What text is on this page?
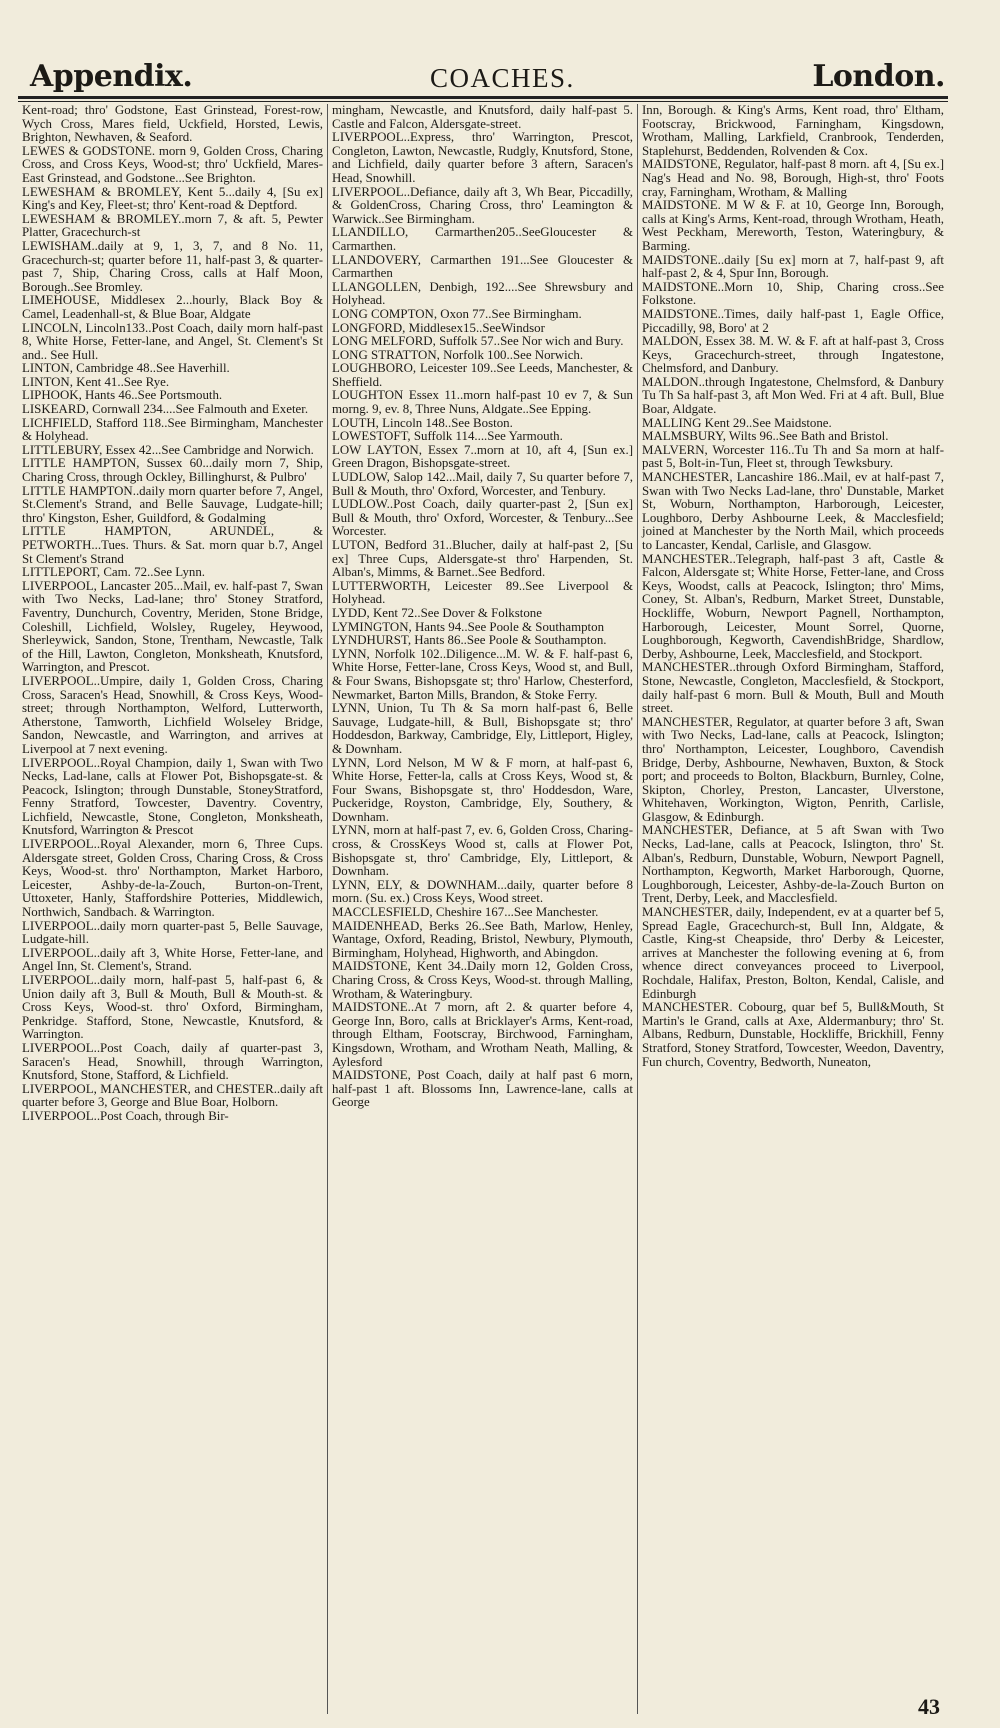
Appendix.	COACHES.	London.

Kent-road; thro' Godstone, East Grinstead, Forest-row, Wych Cross, Mares field, Uckfield, Horsted, Lewis, Brighton, Newhaven, & Seaford.

LEWES & GODSTONE. morn 9, Golden Cross, Charing Cross, and Cross Keys, Wood-st; thro' Uckfield, Mares-East Grinstead, and Godstone...See Brighton.

LEWESHAM & BROMLEY, Kent 5...daily 4, [Su ex] King's and Key, Fleet-st; thro' Kent-road & Deptford.

LEWESHAM & BROMLEY..morn 7, & aft. 5, Pewter Platter, Gracechurch-st

LEWISHAM..daily at 9, 1, 3, 7, and 8 No. 11, Gracechurch-st; quarter before 11, half-past 3, & quarter-past 7, Ship, Charing Cross, calls at Half Moon, Borough..See Bromley.

LIMEHOUSE, Middlesex 2...hourly, Black Boy & Camel, Leadenhall-st, & Blue Boar, Aldgate

LINCOLN, Lincoln133..Post Coach, daily morn half-past 8, White Horse, Fetter-lane, and Angel, St. Clement's St and.. See Hull.

LINTON, Cambridge 48..See Haverhill.

LINTON, Kent 41..See Rye.

LIPHOOK, Hants 46..See Portsmouth.

LISKEARD, Cornwall 234....See Falmouth and Exeter.

LICHFIELD, Stafford 118..See Birmingham, Manchester & Holyhead.

LITTLEBURY, Essex 42...See Cambridge and Norwich.

LITTLE HAMPTON, Sussex 60...daily morn 7, Ship, Charing Cross, through Ockley, Billinghurst, & Pulbro'

LITTLE HAMPTON..daily morn quarter before 7, Angel, St.Clement's Strand, and Belle Sauvage, Ludgate-hill; thro' Kingston, Esher, Guildford, & Godalming

LITTLE HAMPTON, ARUNDEL, & PETWORTH...Tues. Thurs. & Sat. morn quar b.7, Angel St Clement's Strand

LITTLEPORT, Cam. 72..See Lynn.

LIVERPOOL, Lancaster 205...Mail, ev. half-past 7, Swan with Two Necks, Lad-lane; thro' Stoney Stratford, Faventry, Dunchurch, Coventry, Meriden, Stone Bridge, Coleshill, Lichfield, Wolsley, Rugeley, Heywood, Sherleywick, Sandon, Stone, Trentham, Newcastle, Talk of the Hill, Lawton, Congleton, Monksheath, Knutsford, Warrington, and Prescot.

LIVERPOOL..Umpire, daily 1, Golden Cross, Charing Cross, Saracen's Head, Snowhill, & Cross Keys, Wood-street; through Northampton, Welford, Lutterworth, Atherstone, Tamworth, Lichfield Wolseley Bridge, Sandon, Newcastle, and Warrington, and arrives at Liverpool at 7 next evening.

LIVERPOOL..Royal Champion, daily 1, Swan with Two Necks, Lad-lane, calls at Flower Pot, Bishopsgate-st. & Peacock, Islington; through Dunstable, StoneyStratford, Fenny Stratford, Towcester, Daventry. Coventry, Lichfield, Newcastle, Stone, Congleton, Monksheath, Knutsford, Warrington & Prescot

LIVERPOOL..Royal Alexander, morn 6, Three Cups. Aldersgate street, Golden Cross, Charing Cross, & Cross Keys, Wood-st. thro' Northampton, Market Harboro, Leicester, Ashby-de-la-Zouch, Burton-on-Trent, Uttoxeter, Hanly, Staffordshire Potteries, Middlewich, Northwich, Sandbach. & Warrington.

LIVERPOOL..daily morn quarter-past 5, Belle Sauvage, Ludgate-hill.

LIVERPOOL..daily aft 3, White Horse, Fetter-lane, and Angel Inn, St. Clement's, Strand.

LIVERPOOL..daily morn, half-past 5, half-past 6, & Union daily aft 3, Bull & Mouth, Bull & Mouth-st. & Cross Keys, Wood-st. thro' Oxford, Birmingham, Penkridge. Stafford, Stone, Newcastle, Knutsford, & Warrington.

LIVERPOOL..Post Coach, daily af quarter-past 3, Saracen's Head, Snowhill, through Warrington, Knutsford, Stone, Stafford, & Lichfield.

LIVERPOOL, MANCHESTER, and CHESTER..daily aft quarter before 3, George and Blue Boar, Holborn.

LIVERPOOL..Post Coach, through Bir-

mingham, Newcastle, and Knutsford, daily half-past 5. Castle and Falcon, Aldersgate-street.

LIVERPOOL..Express, thro' Warrington, Prescot, Congleton, Lawton, Newcastle, Rudgly, Knutsford, Stone, and Lichfield, daily quarter before 3 aftern, Saracen's Head, Snowhill.

LIVERPOOL..Defiance, daily aft 3, Wh Bear, Piccadilly, & GoldenCross, Charing Cross, thro' Leamington & Warwick..See Birmingham.

LLANDILLO, Carmarthen205..SeeGloucester & Carmarthen.

LLANDOVERY, Carmarthen 191...See Gloucester & Carmarthen

LLANGOLLEN, Denbigh, 192....See Shrewsbury and Holyhead.

LONG COMPTON, Oxon 77..See Birmingham.

LONGFORD, Middlesex15..SeeWindsor

LONG MELFORD, Suffolk 57..See Nor wich and Bury.

LONG STRATTON, Norfolk 100..See Norwich.

LOUGHBORO, Leicester 109..See Leeds, Manchester, & Sheffield.

LOUGHTON Essex 11..morn half-past 10 ev 7, & Sun morng. 9, ev. 8, Three Nuns, Aldgate..See Epping.

LOUTH, Lincoln 148..See Boston.

LOWESTOFT, Suffolk 114....See Yarmouth.

LOW LAYTON, Essex 7..morn at 10, aft 4, [Sun ex.] Green Dragon, Bishopsgate-street.

LUDLOW, Salop 142...Mail, daily 7, Su quarter before 7, Bull & Mouth, thro' Oxford, Worcester, and Tenbury.

LUDLOW..Post Coach, daily quarter-past 2, [Sun ex] Bull & Mouth, thro' Oxford, Worcester, & Tenbury...See Worcester.

LUTON, Bedford 31..Blucher, daily at half-past 2, [Su ex] Three Cups, Aldersgate-st thro' Harpenden, St. Alban's, Mimms, & Barnet..See Bedford.

LUTTERWORTH, Leicester 89..See Liverpool & Holyhead.

LYDD, Kent 72..See Dover & Folkstone

LYMINGTON, Hants 94..See Poole & Southampton

LYNDHURST, Hants 86..See Poole & Southampton.

LYNN, Norfolk 102..Diligence...M. W. & F. half-past 6, White Horse, Fetter-lane, Cross Keys, Wood st, and Bull, & Four Swans, Bishopsgate st; thro' Harlow, Chesterford, Newmarket, Barton Mills, Brandon, & Stoke Ferry.

LYNN, Union, Tu Th & Sa morn half-past 6, Belle Sauvage, Ludgate-hill, & Bull, Bishopsgate st; thro' Hoddesdon, Barkway, Cambridge, Ely, Littleport, Higley, & Downham.

LYNN, Lord Nelson, M W & F morn, at half-past 6, White Horse, Fetter-la, calls at Cross Keys, Wood st, & Four Swans, Bishopsgate st, thro' Hoddesdon, Ware, Puckeridge, Royston, Cambridge, Ely, Southery, & Downham.

LYNN, morn at half-past 7, ev. 6, Golden Cross, Charing-cross, & CrossKeys Wood st, calls at Flower Pot, Bishopsgate st, thro' Cambridge, Ely, Littleport, & Downham.

LYNN, ELY, & DOWNHAM...daily, quarter before 8 morn. (Su. ex.) Cross Keys, Wood street.

MACCLESFIELD, Cheshire 167...See Manchester.

MAIDENHEAD, Berks 26..See Bath, Marlow, Henley, Wantage, Oxford, Reading, Bristol, Newbury, Plymouth, Birmingham, Holyhead, Highworth, and Abingdon.

MAIDSTONE, Kent 34..Daily morn 12, Golden Cross, Charing Cross, & Cross Keys, Wood-st. through Malling, Wrotham, & Wateringbury.

MAIDSTONE..At 7 morn, aft 2. & quarter before 4, George Inn, Boro, calls at Bricklayer's Arms, Kent-road, through Eltham, Footscray, Birchwood, Farningham, Kingsdown, Wrotham, and Wrotham Neath, Malling, & Aylesford

MAIDSTONE, Post Coach, daily at half past 6 morn, half-past 1 aft. Blossoms Inn, Lawrence-lane, calls at George

Inn, Borough. & King's Arms, Kent road, thro' Eltham, Footscray, Brickwood, Farningham, Kingsdown, Wrotham, Malling, Larkfield, Cranbrook, Tenderden, Staplehurst, Beddenden, Rolvenden & Cox.

MAIDSTONE, Regulator, half-past 8 morn. aft 4, [Su ex.] Nag's Head and No. 98, Borough, High-st, thro' Foots cray, Farningham, Wrotham, & Malling

MAIDSTONE. M W & F. at 10, George Inn, Borough, calls at King's Arms, Kent-road, through Wrotham, Heath, West Peckham, Mereworth, Teston, Wateringbury, & Barming.

MAIDSTONE..daily [Su ex] morn at 7, half-past 9, aft half-past 2, & 4, Spur Inn, Borough.

MAIDSTONE..Morn 10, Ship, Charing cross..See Folkstone.

MAIDSTONE..Times, daily half-past 1, Eagle Office, Piccadilly, 98, Boro' at 2

MALDON, Essex 38. M. W. & F. aft at half-past 3, Cross Keys, Gracechurch-street, through Ingatestone, Chelmsford, and Danbury.

MALDON..through Ingatestone, Chelmsford, & Danbury Tu Th Sa half-past 3, aft Mon Wed. Fri at 4 aft. Bull, Blue Boar, Aldgate.

MALLING Kent 29..See Maidstone.

MALMSBURY, Wilts 96..See Bath and Bristol.

MALVERN, Worcester 116..Tu Th and Sa morn at half-past 5, Bolt-in-Tun, Fleet st, through Tewksbury.

MANCHESTER, Lancashire 186..Mail, ev at half-past 7, Swan with Two Necks Lad-lane, thro' Dunstable, Market St, Woburn, Northampton, Harborough, Leicester, Loughboro, Derby Ashbourne Leek, & Macclesfield; joined at Manchester by the North Mail, which proceeds to Lancaster, Kendal, Carlisle, and Glasgow.

MANCHESTER..Telegraph, half-past 3 aft, Castle & Falcon, Aldersgate st; White Horse, Fetter-lane, and Cross Keys, Woodst, calls at Peacock, Islington; thro' Mims, Coney, St. Alban's, Redburn, Market Street, Dunstable, Hockliffe, Woburn, Newport Pagnell, Northampton, Harborough, Leicester, Mount Sorrel, Quorne, Loughborough, Kegworth, CavendishBridge, Shardlow, Derby, Ashbourne, Leek, Macclesfield, and Stockport.

MANCHESTER..through Oxford Birmingham, Stafford, Stone, Newcastle, Congleton, Macclesfield, & Stockport, daily half-past 6 morn. Bull & Mouth, Bull and Mouth street.

MANCHESTER, Regulator, at quarter before 3 aft, Swan with Two Necks, Lad-lane, calls at Peacock, Islington; thro' Northampton, Leicester, Loughboro, Cavendish Bridge, Derby, Ashbourne, Newhaven, Buxton, & Stock port; and proceeds to Bolton, Blackburn, Burnley, Colne, Skipton, Chorley, Preston, Lancaster, Ulverstone, Whitehaven, Workington, Wigton, Penrith, Carlisle, Glasgow, & Edinburgh.

MANCHESTER, Defiance, at 5 aft Swan with Two Necks, Lad-lane, calls at Peacock, Islington, thro' St. Alban's, Redburn, Dunstable, Woburn, Newport Pagnell, Northampton, Kegworth, Market Harborough, Quorne, Loughborough, Leicester, Ashby-de-la-Zouch Burton on Trent, Derby, Leek, and Macclesfield.

MANCHESTER, daily, Independent, ev at a quarter bef 5, Spread Eagle, Gracechurch-st, Bull Inn, Aldgate, & Castle, King-st Cheapside, thro' Derby & Leicester, arrives at Manchester the following evening at 6, from whence direct conveyances proceed to Liverpool, Rochdale, Halifax, Preston, Bolton, Kendal, Calisle, and Edinburgh

MANCHESTER. Cobourg, quar bef 5, Bull&Mouth, St Martin's le Grand, calls at Axe, Aldermanbury; thro' St. Albans, Redburn, Dunstable, Hockliffe, Brickhill, Fenny Stratford, Stoney Stratford, Towcester, Weedon, Daventry, Fun church, Coventry, Bedworth, Nuneaton,

43
